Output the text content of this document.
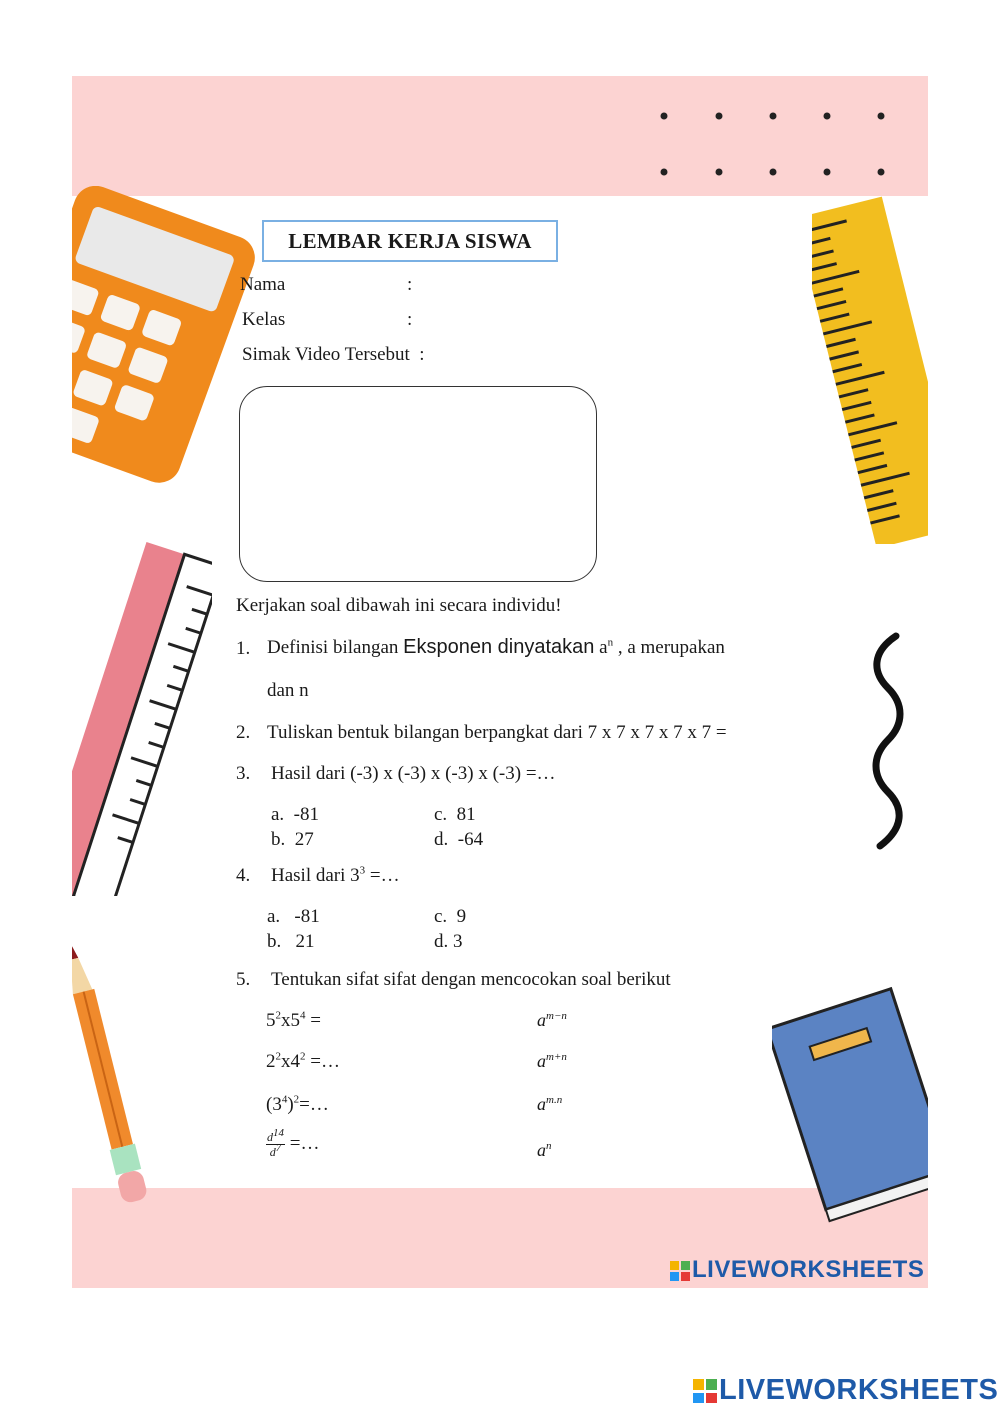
LEMBAR KERJA SISWA
Nama	:
Kelas	:
Simak Video Tersebut  :
Kerjakan soal dibawah ini secara individu!
1. Definisi bilangan Eksponen dinyatakan $a^n$ , a merupakan
dan n
2. Tuliskan bentuk bilangan berpangkat dari 7 x 7 x 7 x 7 x 7 =
3. Hasil dari (-3) x (-3) x (-3) x (-3) =…
a.  -81
b.  27
c.  81
d.  -64
4. Hasil dari $3^3$ =…
a.   -81
b.   21
c.  9
d. 3
5. Tentukan sifat sifat dengan mencocokan soal berikut
$5^2x5^4$ =
$2^2x4^2$ =…
$(3^4)^2=\dots$
$\frac{d^{14}}{d^7}$ =…
$a^{m-n}$
$a^{m+n}$
$a^{m.n}$
$a^n$
LIVEWORKSHEETS
LIVEWORKSHEETS
